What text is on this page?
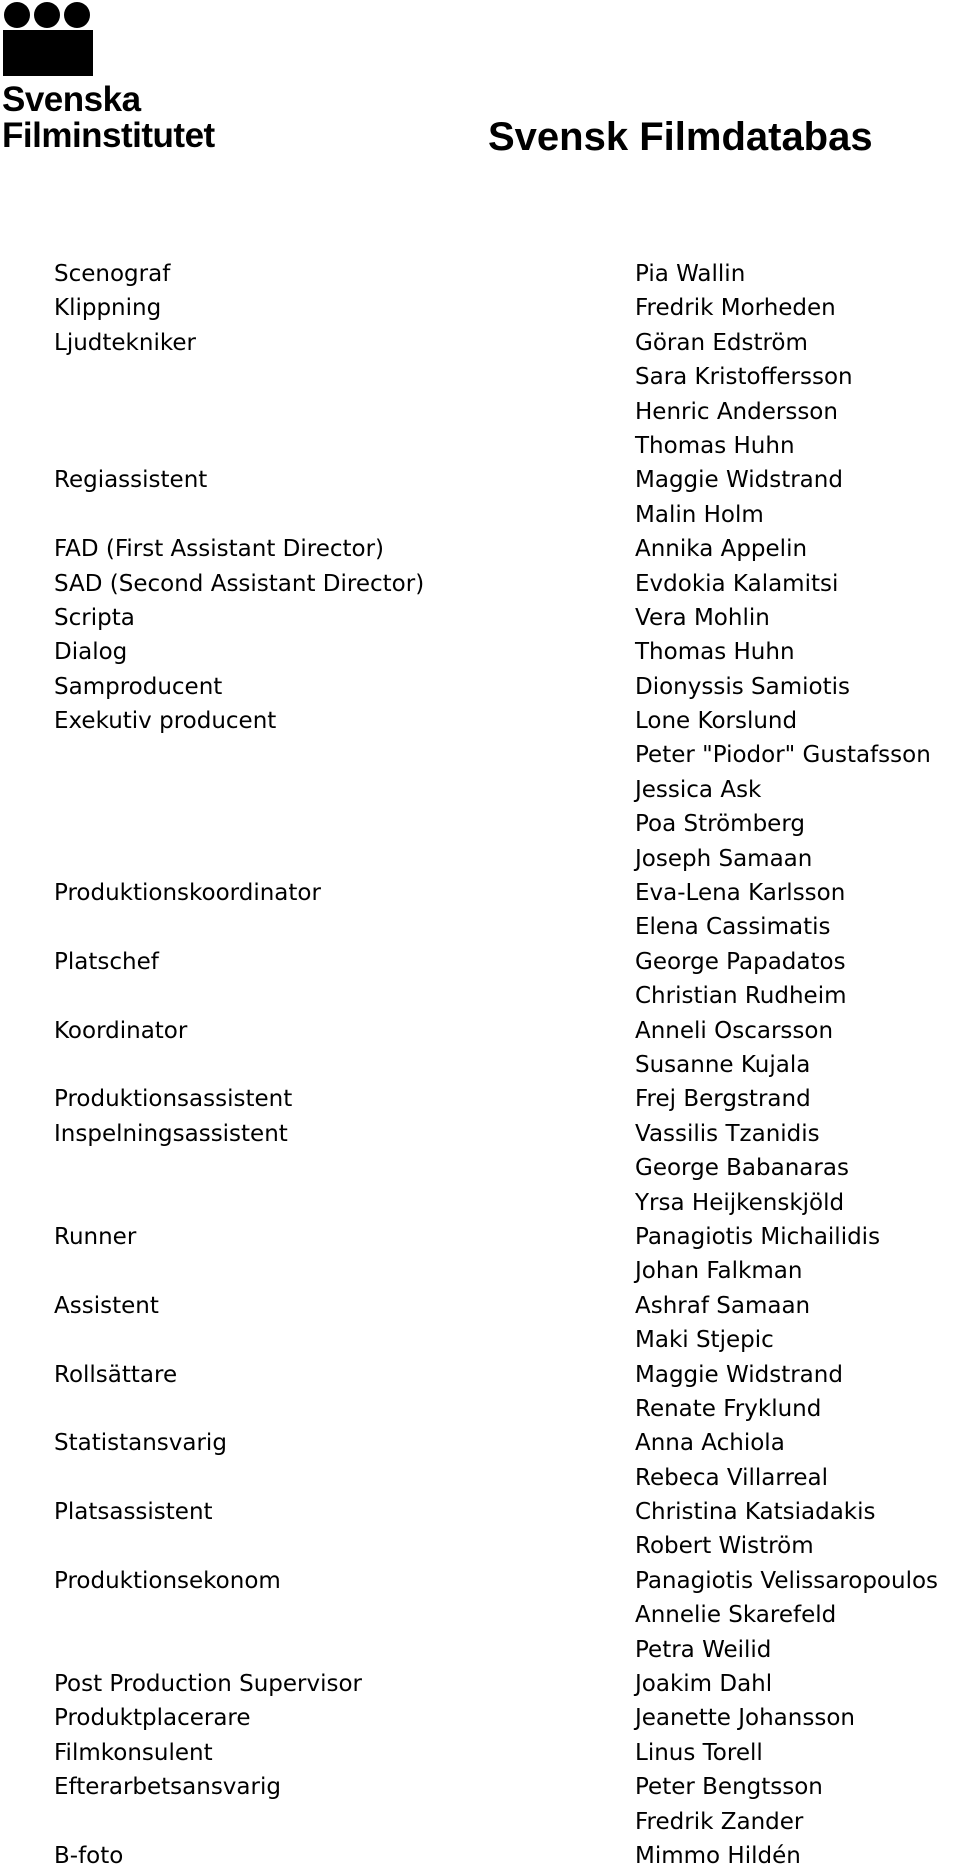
Svenska
Filminstitutet	Svensk Filmdatabas
Scenograf	Pia Wallin
Klippning	Fredrik Morheden
Ljudtekniker	Göran Edström
Sara Kristoffersson
Henric Andersson
Thomas Huhn
Regiassistent	Maggie Widstrand
Malin Holm
FAD (First Assistant Director)	Annika Appelin
SAD (Second Assistant Director)	Evdokia Kalamitsi
Scripta	Vera Mohlin
Dialog	Thomas Huhn
Samproducent	Dionyssis Samiotis
Exekutiv producent	Lone Korslund
Peter "Piodor" Gustafsson
Jessica Ask
Poa Strömberg
Joseph Samaan
Produktionskoordinator	Eva-Lena Karlsson
Elena Cassimatis
Platschef	George Papadatos
Christian Rudheim
Koordinator	Anneli Oscarsson
Susanne Kujala
Produktionsassistent	Frej Bergstrand
Inspelningsassistent	Vassilis Tzanidis
George Babanaras
Yrsa Heijkenskjöld
Runner	Panagiotis Michailidis
Johan Falkman
Assistent	Ashraf Samaan
Maki Stjepic
Rollsättare	Maggie Widstrand
Renate Fryklund
Statistansvarig	Anna Achiola
Rebeca Villarreal
Platsassistent	Christina Katsiadakis
Robert Wiström
Produktionsekonom	Panagiotis Velissaropoulos
Annelie Skarefeld
Petra Weilid
Post Production Supervisor	Joakim Dahl
Produktplacerare	Jeanette Johansson
Filmkonsulent	Linus Torell
Efterarbetsansvarig	Peter Bengtsson
Fredrik Zander
B-foto	Mimmo Hildén
